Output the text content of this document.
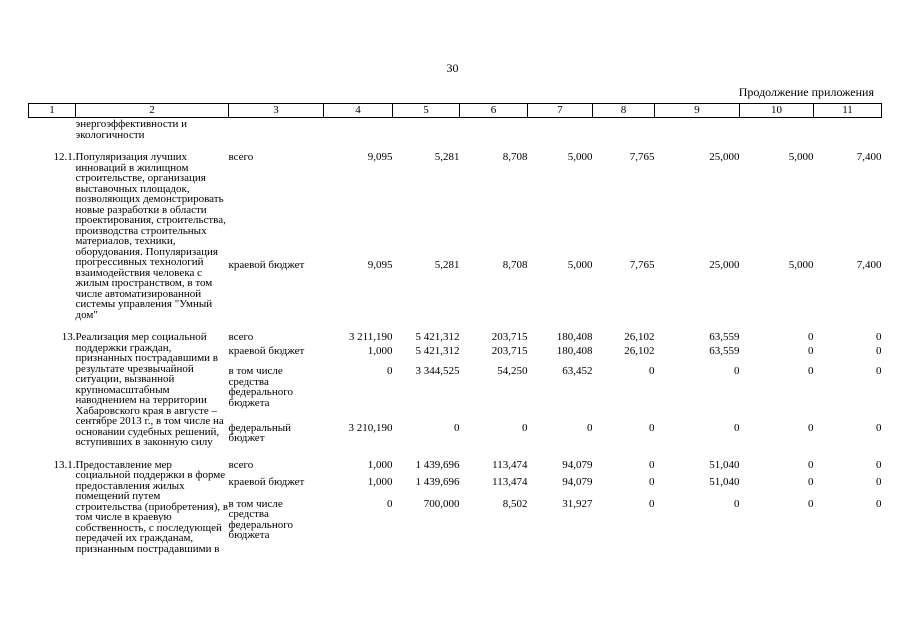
30
Продолжение приложения
1	2	3	4	5	6	7	8	9	10	11
	энергоэффективности и экологичности									
12.1.	Популяризация лучших инноваций в жилищном строительстве, организация выставочных площадок, позволяющих демонстрировать новые разработки в области проектирования, строительства, производства строительных материалов, техники, оборудования. Популяризация прогрессивных технологий взаимодействия человека с жилым пространством, в том числе автоматизированной системы управления "Умный дом"	всего	9,095	5,281	8,708	5,000	7,765	25,000	5,000	7,400
		краевой бюджет	9,095	5,281	8,708	5,000	7,765	25,000	5,000	7,400
13.	Реализация мер социальной поддержки граждан, признанных пострадавшими в результате чрезвычайной ситуации, вызванной крупномасштабным наводнением на территории Хабаровского края в августе – сентябре 2013 г., в том числе на основании судебных решений, вступивших в законную силу	всего	3 211,190	5 421,312	203,715	180,408	26,102	63,559	0	0
		краевой бюджет	1,000	5 421,312	203,715	180,408	26,102	63,559	0	0
		в том числе средства федерального бюджета	0	3 344,525	54,250	63,452	0	0	0	0
		федеральный бюджет	3 210,190	0	0	0	0	0	0	0
13.1.	Предоставление мер социальной поддержки в форме предоставления жилых помещений путем строительства (приобретения), в том числе в краевую собственность, с последующей передачей их гражданам, признанным пострадавшими в	всего	1,000	1 439,696	113,474	94,079	0	51,040	0	0
		краевой бюджет	1,000	1 439,696	113,474	94,079	0	51,040	0	0
		в том числе средства федерального бюджета	0	700,000	8,502	31,927	0	0	0	0
